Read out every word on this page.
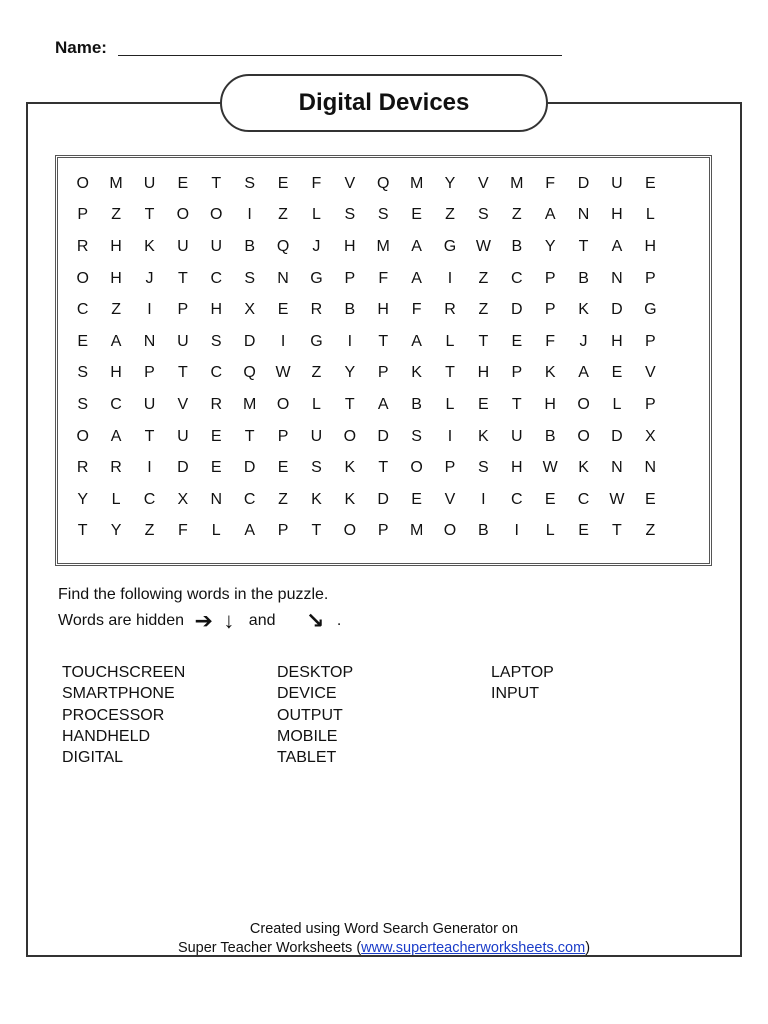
Name:
Digital Devices
O	M	U	E	T	S	E	F	V	Q	M	Y	V	M	F	D	U	E
P	Z	T	O	O	I	Z	L	S	S	E	Z	S	Z	A	N	H	L
R	H	K	U	U	B	Q	J	H	M	A	G	W	B	Y	T	A	H
O	H	J	T	C	S	N	G	P	F	A	I	Z	C	P	B	N	P
C	Z	I	P	H	X	E	R	B	H	F	R	Z	D	P	K	D	G
E	A	N	U	S	D	I	G	I	T	A	L	T	E	F	J	H	P
S	H	P	T	C	Q	W	Z	Y	P	K	T	H	P	K	A	E	V
S	C	U	V	R	M	O	L	T	A	B	L	E	T	H	O	L	P
O	A	T	U	E	T	P	U	O	D	S	I	K	U	B	O	D	X
R	R	I	D	E	D	E	S	K	T	O	P	S	H	W	K	N	N
Y	L	C	X	N	C	Z	K	K	D	E	V	I	C	E	C	W	E
T	Y	Z	F	L	A	P	T	O	P	M	O	B	I	L	E	T	Z
Find the following words in the puzzle.
Words are hidden ➔ ↓ and ↘ .
TOUCHSCREEN
SMARTPHONE
PROCESSOR
HANDHELD
DIGITAL
DESKTOP
DEVICE
OUTPUT
MOBILE
TABLET
LAPTOP
INPUT
Created using Word Search Generator on
Super Teacher Worksheets (www.superteacherworksheets.com)
